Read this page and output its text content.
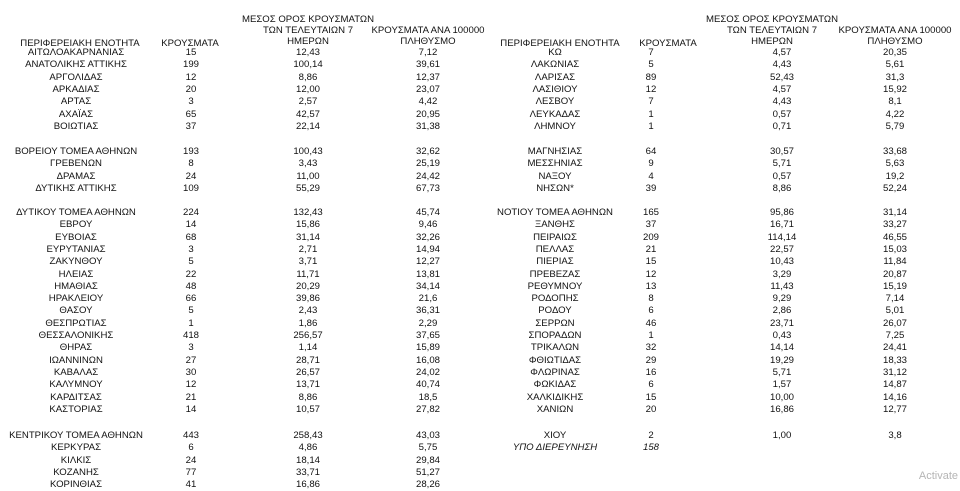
ΠΕΡΙΦΕΡΕΙΑΚΗ ΕΝΟΤΗΤΑ	ΚΡΟΥΣΜΑΤΑ
ΜΕΣΟΣ ΟΡΟΣ ΚΡΟΥΣΜΑΤΩΝ
ΤΩΝ ΤΕΛΕΥΤΑΙΩΝ 7
ΗΜΕΡΩΝ
ΚΡΟΥΣΜΑΤΑ ΑΝΑ 100000
ΠΛΗΘΥΣΜΟ
ΑΙΤΩΛΟΑΚΑΡΝΑΝΙΑΣ	15	12,43	7,12
ΑΝΑΤΟΛΙΚΗΣ ΑΤΤΙΚΗΣ	199	100,14	39,61
ΑΡΓΟΛΙΔΑΣ	12	8,86	12,37
ΑΡΚΑΔΙΑΣ	20	12,00	23,07
ΑΡΤΑΣ	3	2,57	4,42
ΑΧΑΪΑΣ	65	42,57	20,95
ΒΟΙΩΤΙΑΣ	37	22,14	31,38
ΒΟΡΕΙΟΥ ΤΟΜΕΑ ΑΘΗΝΩΝ	193	100,43	32,62
ΓΡΕΒΕΝΩΝ	8	3,43	25,19
ΔΡΑΜΑΣ	24	11,00	24,42
ΔΥΤΙΚΗΣ ΑΤΤΙΚΗΣ	109	55,29	67,73
ΔΥΤΙΚΟΥ ΤΟΜΕΑ ΑΘΗΝΩΝ	224	132,43	45,74
ΕΒΡΟΥ	14	15,86	9,46
ΕΥΒΟΙΑΣ	68	31,14	32,26
ΕΥΡΥΤΑΝΙΑΣ	3	2,71	14,94
ΖΑΚΥΝΘΟΥ	5	3,71	12,27
ΗΛΕΙΑΣ	22	11,71	13,81
ΗΜΑΘΙΑΣ	48	20,29	34,14
ΗΡΑΚΛΕΙΟΥ	66	39,86	21,6
ΘΑΣΟΥ	5	2,43	36,31
ΘΕΣΠΡΩΤΙΑΣ	1	1,86	2,29
ΘΕΣΣΑΛΟΝΙΚΗΣ	418	256,57	37,65
ΘΗΡΑΣ	3	1,14	15,89
ΙΩΑΝΝΙΝΩΝ	27	28,71	16,08
ΚΑΒΑΛΑΣ	30	26,57	24,02
ΚΑΛΥΜΝΟΥ	12	13,71	40,74
ΚΑΡΔΙΤΣΑΣ	21	8,86	18,5
ΚΑΣΤΟΡΙΑΣ	14	10,57	27,82
ΚΕΝΤΡΙΚΟΥ ΤΟΜΕΑ ΑΘΗΝΩΝ	443	258,43	43,03
ΚΕΡΚΥΡΑΣ	6	4,86	5,75
ΚΙΛΚΙΣ	24	18,14	29,84
ΚΟΖΑΝΗΣ	77	33,71	51,27
ΚΟΡΙΝΘΙΑΣ	41	16,86	28,26
ΠΕΡΙΦΕΡΕΙΑΚΗ ΕΝΟΤΗΤΑ	ΚΡΟΥΣΜΑΤΑ
ΜΕΣΟΣ ΟΡΟΣ ΚΡΟΥΣΜΑΤΩΝ
ΤΩΝ ΤΕΛΕΥΤΑΙΩΝ 7
ΗΜΕΡΩΝ
ΚΡΟΥΣΜΑΤΑ ΑΝΑ 100000
ΠΛΗΘΥΣΜΟ
ΚΩ	7	4,57	20,35
ΛΑΚΩΝΙΑΣ	5	4,43	5,61
ΛΑΡΙΣΑΣ	89	52,43	31,3
ΛΑΣΙΘΙΟΥ	12	4,57	15,92
ΛΕΣΒΟΥ	7	4,43	8,1
ΛΕΥΚΑΔΑΣ	1	0,57	4,22
ΛΗΜΝΟΥ	1	0,71	5,79
ΜΑΓΝΗΣΙΑΣ	64	30,57	33,68
ΜΕΣΣΗΝΙΑΣ	9	5,71	5,63
ΝΑΞΟΥ	4	0,57	19,2
ΝΗΣΩΝ*	39	8,86	52,24
ΝΟΤΙΟΥ ΤΟΜΕΑ ΑΘΗΝΩΝ	165	95,86	31,14
ΞΑΝΘΗΣ	37	16,71	33,27
ΠΕΙΡΑΙΩΣ	209	114,14	46,55
ΠΕΛΛΑΣ	21	22,57	15,03
ΠΙΕΡΙΑΣ	15	10,43	11,84
ΠΡΕΒΕΖΑΣ	12	3,29	20,87
ΡΕΘΥΜΝΟΥ	13	11,43	15,19
ΡΟΔΟΠΗΣ	8	9,29	7,14
ΡΟΔΟΥ	6	2,86	5,01
ΣΕΡΡΩΝ	46	23,71	26,07
ΣΠΟΡΑΔΩΝ	1	0,43	7,25
ΤΡΙΚΑΛΩΝ	32	14,14	24,41
ΦΘΙΩΤΙΔΑΣ	29	19,29	18,33
ΦΛΩΡΙΝΑΣ	16	5,71	31,12
ΦΩΚΙΔΑΣ	6	1,57	14,87
ΧΑΛΚΙΔΙΚΗΣ	15	10,00	14,16
ΧΑΝΙΩΝ	20	16,86	12,77
ΧΙΟΥ	2	1,00	3,8
ΥΠΟ ΔΙΕΡΕΥΝΗΣΗ	158
Activate
